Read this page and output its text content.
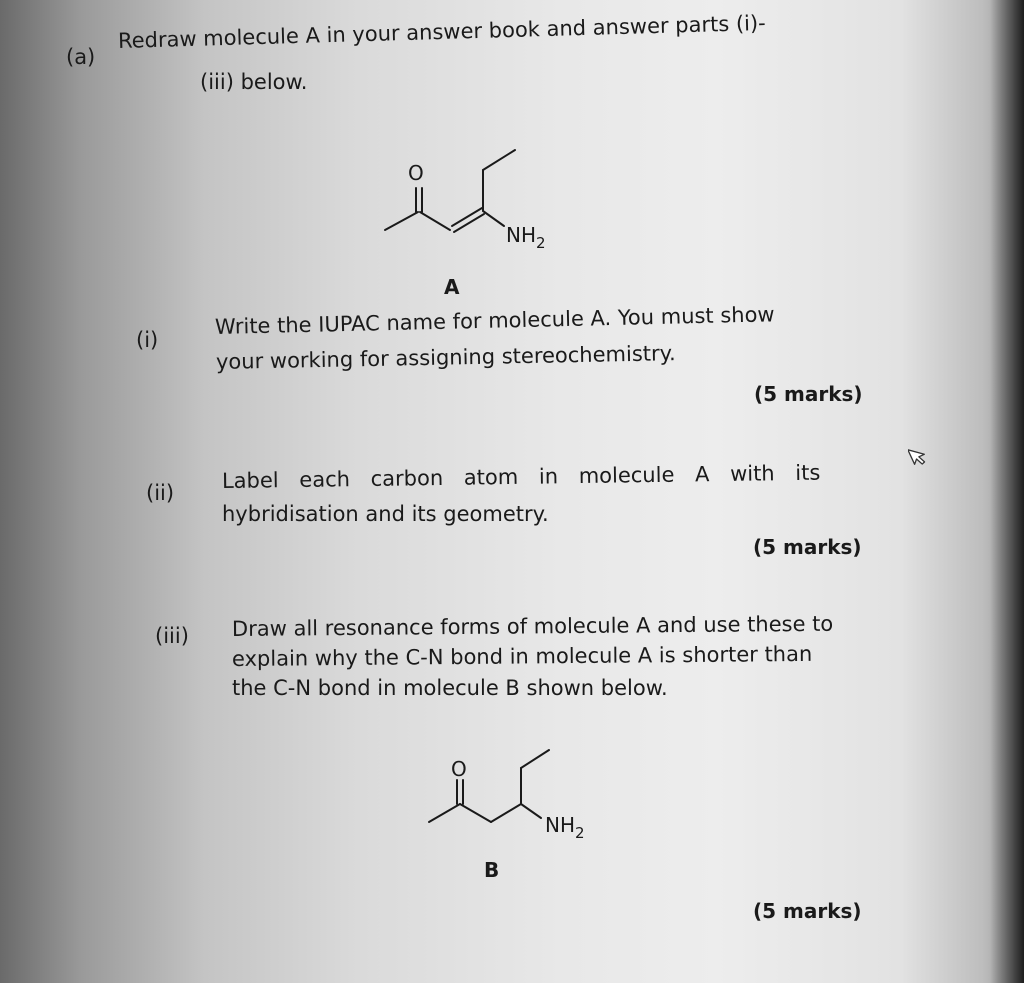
(a)
Redraw molecule A in your answer book and answer parts (i)-
(iii) below.
O
$NH_2$
A
(i)
Write the IUPAC name for molecule A. You must show
your working for assigning stereochemistry.
(5 marks)
(ii)
Label each carbon atom in molecule A with its
hybridisation and its geometry.
(5 marks)
(iii) Draw all resonance forms of molecule A and use these to
explain why the C-N bond in molecule A is shorter than
the C-N bond in molecule B shown below.
O
$NH_2$
B
(5 marks)
